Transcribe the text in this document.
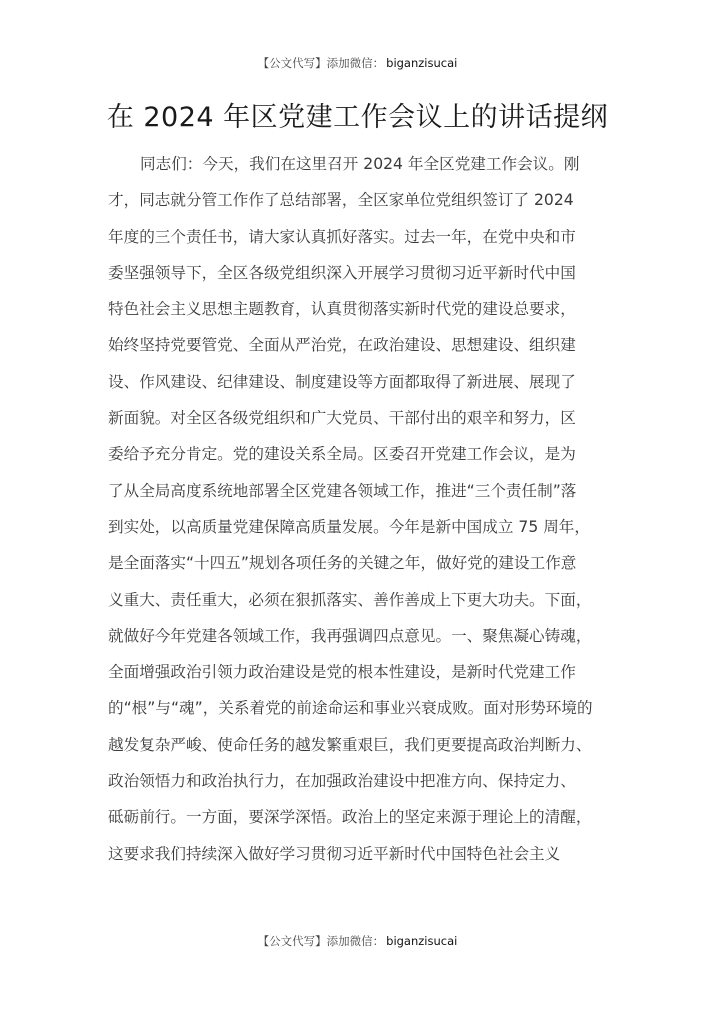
【公文代写】添加微信： biganzisucai
在 2024 年区党建工作会议上的讲话提纲
同志们：今天，我们在这里召开 2024 年全区党建工作会议。刚
才，同志就分管工作作了总结部署，全区家单位党组织签订了 2024
年度的三个责任书，请大家认真抓好落实。过去一年，在党中央和市
委坚强领导下，全区各级党组织深入开展学习贯彻习近平新时代中国
特色社会主义思想主题教育，认真贯彻落实新时代党的建设总要求，
始终坚持党要管党、全面从严治党，在政治建设、思想建设、组织建
设、作风建设、纪律建设、制度建设等方面都取得了新进展、展现了
新面貌。对全区各级党组织和广大党员、干部付出的艰辛和努力，区
委给予充分肯定。党的建设关系全局。区委召开党建工作会议，是为
了从全局高度系统地部署全区党建各领域工作，推进“三个责任制”落
到实处，以高质量党建保障高质量发展。今年是新中国成立 75 周年，
是全面落实“十四五”规划各项任务的关键之年，做好党的建设工作意
义重大、责任重大，必须在狠抓落实、善作善成上下更大功夫。下面，
就做好今年党建各领域工作，我再强调四点意见。一、聚焦凝心铸魂，
全面增强政治引领力政治建设是党的根本性建设，是新时代党建工作
的“根”与“魂”，关系着党的前途命运和事业兴衰成败。面对形势环境的
越发复杂严峻、使命任务的越发繁重艰巨，我们更要提高政治判断力、
政治领悟力和政治执行力，在加强政治建设中把准方向、保持定力、
砥砺前行。一方面，要深学深悟。政治上的坚定来源于理论上的清醒，
这要求我们持续深入做好学习贯彻习近平新时代中国特色社会主义
【公文代写】添加微信： biganzisucai
